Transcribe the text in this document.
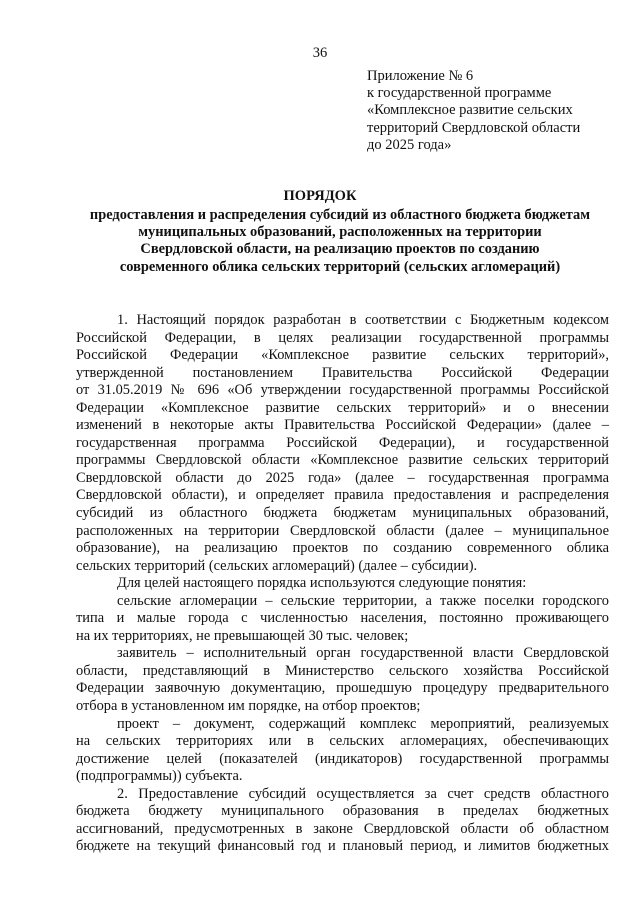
36
Приложение № 6
к государственной программе
«Комплексное развитие сельских
территорий Свердловской области
до 2025 года»
ПОРЯДОК
предоставления и распределения субсидий из областного бюджета бюджетам
муниципальных образований, расположенных на территории
Свердловской области, на реализацию проектов по созданию
современного облика сельских территорий (сельских агломераций)
1. Настоящий порядок разработан в соответствии с Бюджетным кодексом
Российской Федерации, в целях реализации государственной программы
Российской Федерации «Комплексное развитие сельских территорий»,
утвержденной постановлением Правительства Российской Федерации
от 31.05.2019 № 696 «Об утверждении государственной программы Российской
Федерации «Комплексное развитие сельских территорий» и о внесении
изменений в некоторые акты Правительства Российской Федерации» (далее –
государственная программа Российской Федерации), и государственной
программы Свердловской области «Комплексное развитие сельских территорий
Свердловской области до 2025 года» (далее – государственная программа
Свердловской области), и определяет правила предоставления и распределения
субсидий из областного бюджета бюджетам муниципальных образований,
расположенных на территории Свердловской области (далее – муниципальное
образование), на реализацию проектов по созданию современного облика
сельских территорий (сельских агломераций) (далее – субсидии).
Для целей настоящего порядка используются следующие понятия:
сельские агломерации – сельские территории, а также поселки городского
типа и малые города с численностью населения, постоянно проживающего
на их территориях, не превышающей 30 тыс. человек;
заявитель – исполнительный орган государственной власти Свердловской
области, представляющий в Министерство сельского хозяйства Российской
Федерации заявочную документацию, прошедшую процедуру предварительного
отбора в установленном им порядке, на отбор проектов;
проект – документ, содержащий комплекс мероприятий, реализуемых
на сельских территориях или в сельских агломерациях, обеспечивающих
достижение целей (показателей (индикаторов) государственной программы
(подпрограммы)) субъекта.
2. Предоставление субсидий осуществляется за счет средств областного
бюджета бюджету муниципального образования в пределах бюджетных
ассигнований, предусмотренных в законе Свердловской области об областном
бюджете на текущий финансовый год и плановый период, и лимитов бюджетных
